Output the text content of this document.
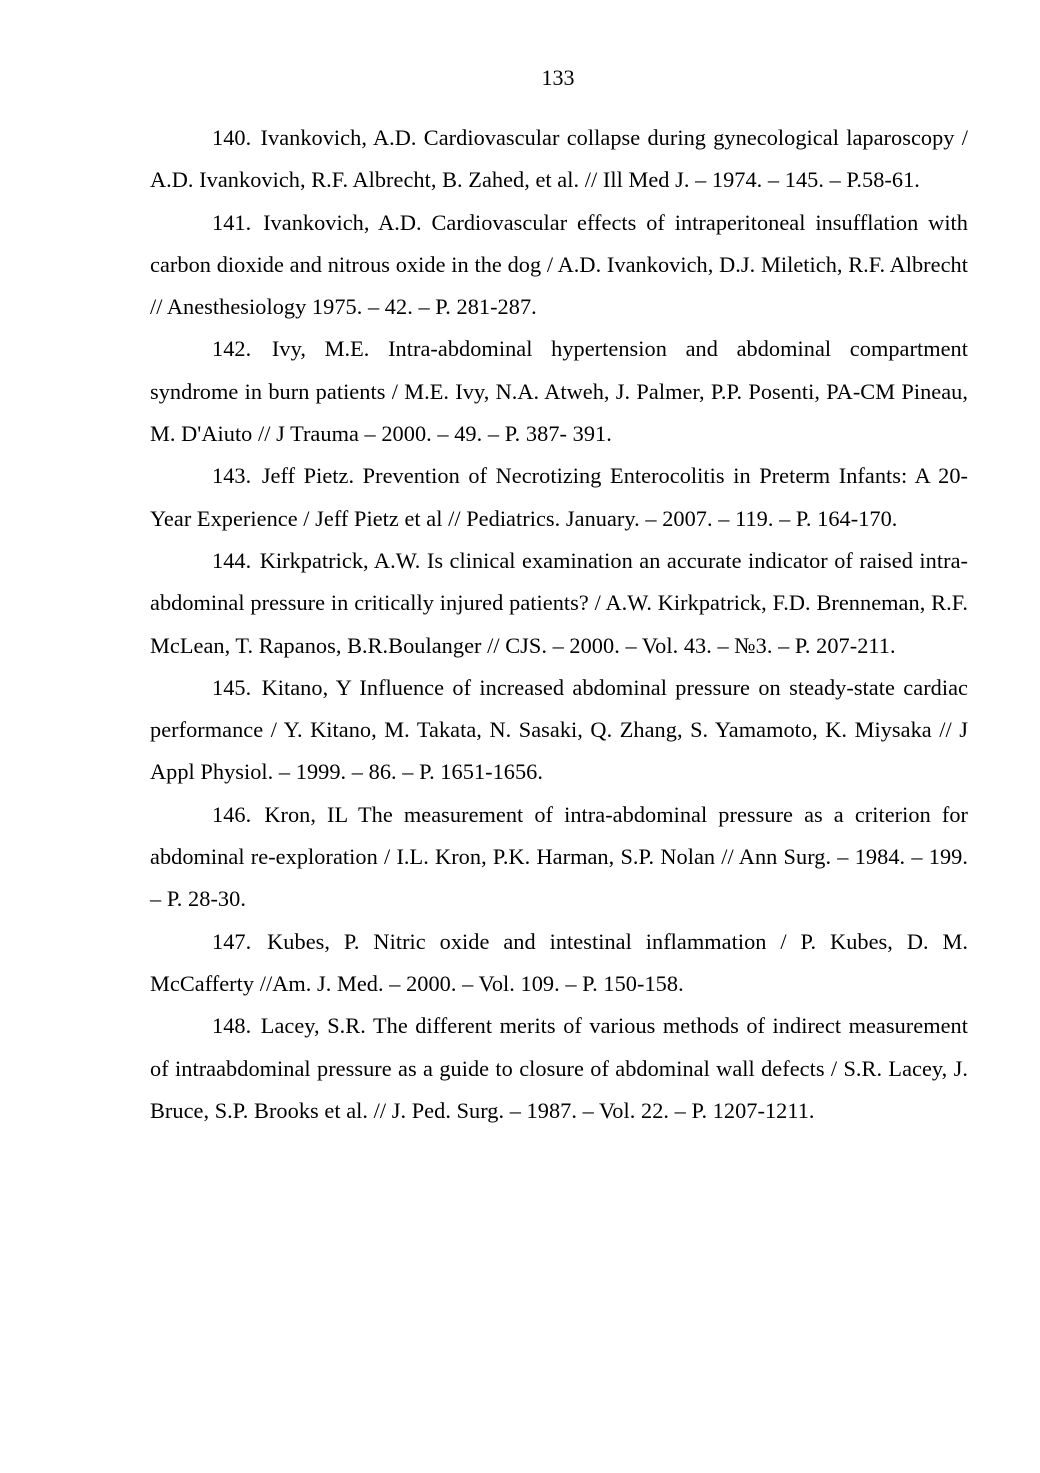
133

140. Ivankovich, A.D. Cardiovascular collapse during gynecological laparoscopy / A.D. Ivankovich, R.F. Albrecht, B. Zahed, et al. // Ill Med J. – 1974. – 145. – P.58-61.

141. Ivankovich, A.D. Cardiovascular effects of intraperitoneal insufflation with carbon dioxide and nitrous oxide in the dog / A.D. Ivankovich, D.J. Miletich, R.F. Albrecht // Anesthesiology 1975. – 42. – P. 281-287.

142. Ivy, M.E. Intra-abdominal hypertension and abdominal compartment syndrome in burn patients / M.E. Ivy, N.A. Atweh, J. Palmer, P.P. Posenti, PA-CM Pineau, M. D'Aiuto // J Trauma – 2000. – 49. – P. 387- 391.

143. Jeff Pietz. Prevention of Necrotizing Enterocolitis in Preterm Infants: A 20-Year Experience / Jeff Pietz et al // Pediatrics. January. – 2007. – 119. – P. 164-170.

144. Kirkpatrick, A.W. Is clinical examination an accurate indicator of raised intra-abdominal pressure in critically injured patients? / A.W. Kirkpatrick, F.D. Brenneman, R.F. McLean, T. Rapanos, B.R.Boulanger // CJS. – 2000. – Vol. 43. – №3. – P. 207-211.

145. Kitano, Y Influence of increased abdominal pressure on steady-state cardiac performance / Y. Kitano, M. Takata, N. Sasaki, Q. Zhang, S. Yamamoto, K. Miysaka // J Appl Physiol. – 1999. – 86. – P. 1651-1656.

146. Kron, IL The measurement of intra-abdominal pressure as a criterion for abdominal re-exploration / I.L. Kron, P.K. Harman, S.P. Nolan // Ann Surg. – 1984. – 199. – P. 28-30.

147. Kubes, P. Nitric oxide and intestinal inflammation / P. Kubes, D. M. McCafferty //Am. J. Med. – 2000. – Vol. 109. – P. 150-158.

148. Lacey, S.R. The different merits of various methods of indirect measurement of intraabdominal pressure as a guide to closure of abdominal wall defects / S.R. Lacey, J. Bruce, S.P. Brooks et al. // J. Ped. Surg. – 1987. – Vol. 22. – P. 1207-1211.
